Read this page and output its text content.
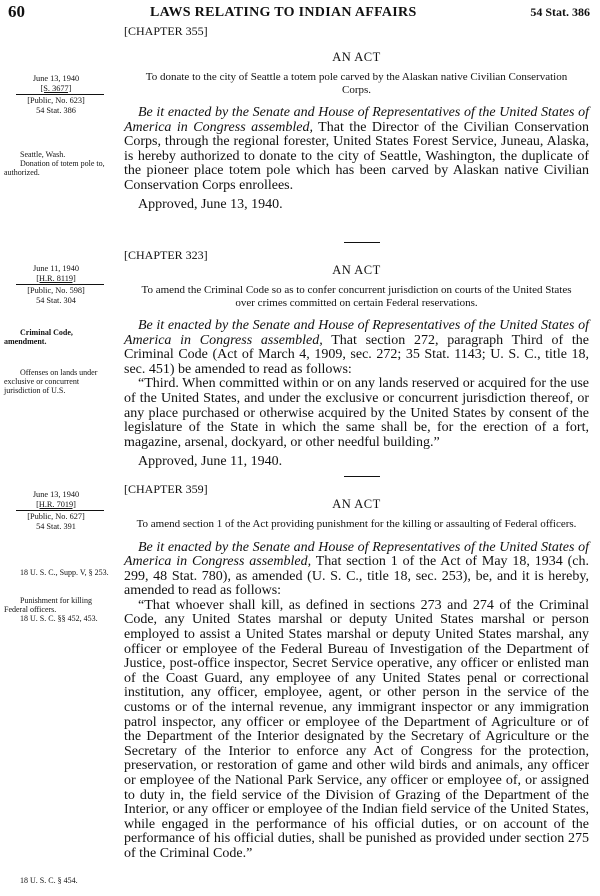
60	LAWS RELATING TO INDIAN AFFAIRS	54 Stat. 386
June 13, 1940
[S. 3677]
[Public, No. 623]
54 Stat. 386
Seattle, Wash.
Donation of totem pole to, authorized.
[CHAPTER 355]
AN ACT
To donate to the city of Seattle a totem pole carved by the Alaskan native Civilian Conservation Corps.

Be it enacted by the Senate and House of Representatives of the United States of America in Congress assembled, That the Director of the Civilian Conservation Corps, through the regional forester, United States Forest Service, Juneau, Alaska, is hereby authorized to donate to the city of Seattle, Washington, the duplicate of the pioneer place totem pole which has been carved by Alaskan native Civilian Conservation Corps enrollees.

Approved, June 13, 1940.

June 11, 1940
[H.R. 8119]
[Public, No. 598]
54 Stat. 304
Criminal Code, amendment.
Offenses on lands under exclusive or concurrent jurisdiction of U.S.
[CHAPTER 323]
AN ACT
To amend the Criminal Code so as to confer concurrent jurisdiction on courts of the United States over crimes committed on certain Federal reservations.

Be it enacted by the Senate and House of Representatives of the United States of America in Congress assembled, That section 272, paragraph Third of the Criminal Code (Act of March 4, 1909, sec. 272; 35 Stat. 1143; U. S. C., title 18, sec. 451) be amended to read as follows:

“Third. When committed within or on any lands reserved or acquired for the use of the United States, and under the exclusive or concurrent jurisdiction thereof, or any place purchased or otherwise acquired by the United States by consent of the legislature of the State in which the same shall be, for the erection of a fort, magazine, arsenal, dockyard, or other needful building.”

Approved, June 11, 1940.

June 13, 1940
[H.R. 7019]
[Public, No. 627]
54 Stat. 391
18 U. S. C., Supp. V, § 253.
Punishment for killing Federal officers.
18 U. S. C. §§ 452, 453.
18 U. S. C. § 454.
[CHAPTER 359]
AN ACT
To amend section 1 of the Act providing punishment for the killing or assaulting of Federal officers.

Be it enacted by the Senate and House of Representatives of the United States of America in Congress assembled, That section 1 of the Act of May 18, 1934 (ch. 299, 48 Stat. 780), as amended (U. S. C., title 18, sec. 253), be, and it is hereby, amended to read as follows:

“That whoever shall kill, as defined in sections 273 and 274 of the Criminal Code, any United States marshal or deputy United States marshal or person employed to assist a United States marshal or deputy United States marshal, any officer or employee of the Federal Bureau of Investigation of the Department of Justice, post-office inspector, Secret Service operative, any officer or enlisted man of the Coast Guard, any employee of any United States penal or correctional institution, any officer, employee, agent, or other person in the service of the customs or of the internal revenue, any immigrant inspector or any immigration patrol inspector, any officer or employee of the Department of Agriculture or of the Department of the Interior designated by the Secretary of Agriculture or the Secretary of the Interior to enforce any Act of Congress for the protection, preservation, or restoration of game and other wild birds and animals, any officer or employee of the National Park Service, any officer or employee of, or assigned to duty in, the field service of the Division of Grazing of the Department of the Interior, or any officer or employee of the Indian field service of the United States, while engaged in the performance of his official duties, or on account of the performance of his official duties, shall be punished as provided under section 275 of the Criminal Code.”
